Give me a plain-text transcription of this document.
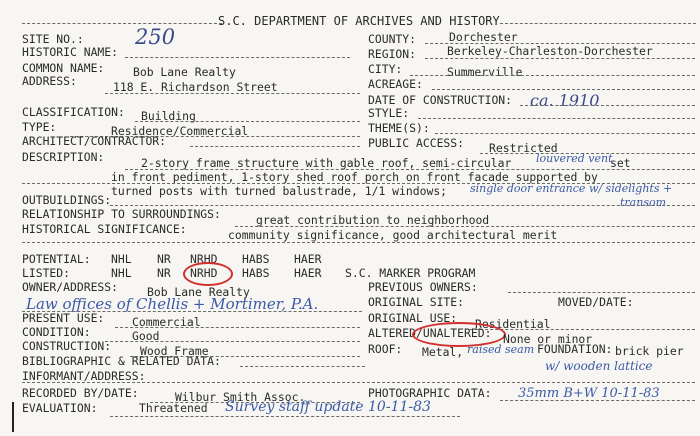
S.C. DEPARTMENT OF ARCHIVES AND HISTORY
SITE NO.: 250
HISTORIC NAME:
COMMON NAME:	Bob Lane Realty
ADDRESS:	118 E. Richardson Street
COUNTY:	Dorchester
REGION:	Berkeley-Charleston-Dorchester
CITY:	Summerville
ACREAGE:
DATE OF CONSTRUCTION: ca. 1910
CLASSIFICATION: Building
TYPE:	Residence/Commercial
ARCHITECT/CONTRACTOR:
STYLE:
THEME(S):
PUBLIC ACCESS: Restricted
DESCRIPTION:	2-story frame structure with gable roof, semi-circular louvered vent
set
in front pediment, 1-story shed roof porch on front facade supported by
turned posts with turned balustrade, 1/1 windows; single door entrance w/ sidelights +
transom
OUTBUILDINGS:
RELATIONSHIP TO SURROUNDINGS:	great contribution to neighborhood
HISTORICAL SIGNIFICANCE:	community significance, good architectural merit
POTENTIAL: NHL NR NRHD HABS HAER
LISTED:	NHL NR NRHD HABS HAER S.C. MARKER PROGRAM
OWNER/ADDRESS:	Bob Lane Realty
Law offices of Chellis + Mortimer, P.A.
PREVIOUS OWNERS:
ORIGINAL SITE:	MOVED/DATE:
PRESENT USE: Commercial
CONDITION:	Good
CONSTRUCTION:	Wood Frame
BIBLIOGRAPHIC & RELATED DATA:
INFORMANT/ADDRESS:
RECORDED BY/DATE:	Wilbur Smith Assoc.
EVALUATION:	Threatened Survey staff update 10-11-83
ORIGINAL USE: Residential
ALTERED/UNALTERED: None or minor
ROOF: Metal, raised seam FOUNDATION: brick pier
w/ wooden lattice
PHOTOGRAPHIC DATA: 35mm B+W 10-11-83
